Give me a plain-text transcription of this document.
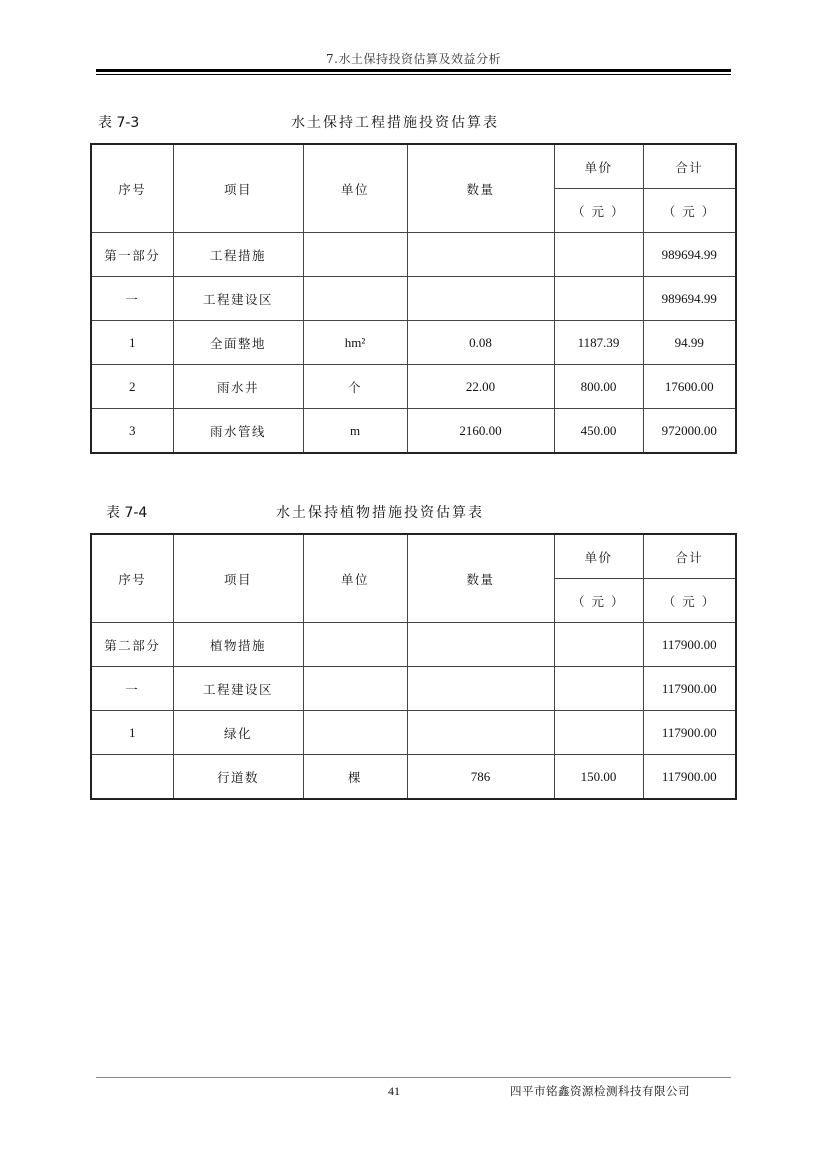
7.水土保持投资估算及效益分析
表 7-3	水土保持工程措施投资估算表
序号	项目	单位	数量	单价	合计
				（ 元 ）	（ 元 ）
第一部分	工程措施				989694.99
一	工程建设区				989694.99
1	全面整地	hm²	0.08	1187.39	94.99
2	雨水井	个	22.00	800.00	17600.00
3	雨水管线	m	2160.00	450.00	972000.00
表 7-4	水土保持植物措施投资估算表
序号	项目	单位	数量	单价	合计
				（ 元 ）	（ 元 ）
第二部分	植物措施				117900.00
一	工程建设区				117900.00
1	绿化				117900.00
	行道数	棵	786	150.00	117900.00
41	四平市铭鑫资源检测科技有限公司
